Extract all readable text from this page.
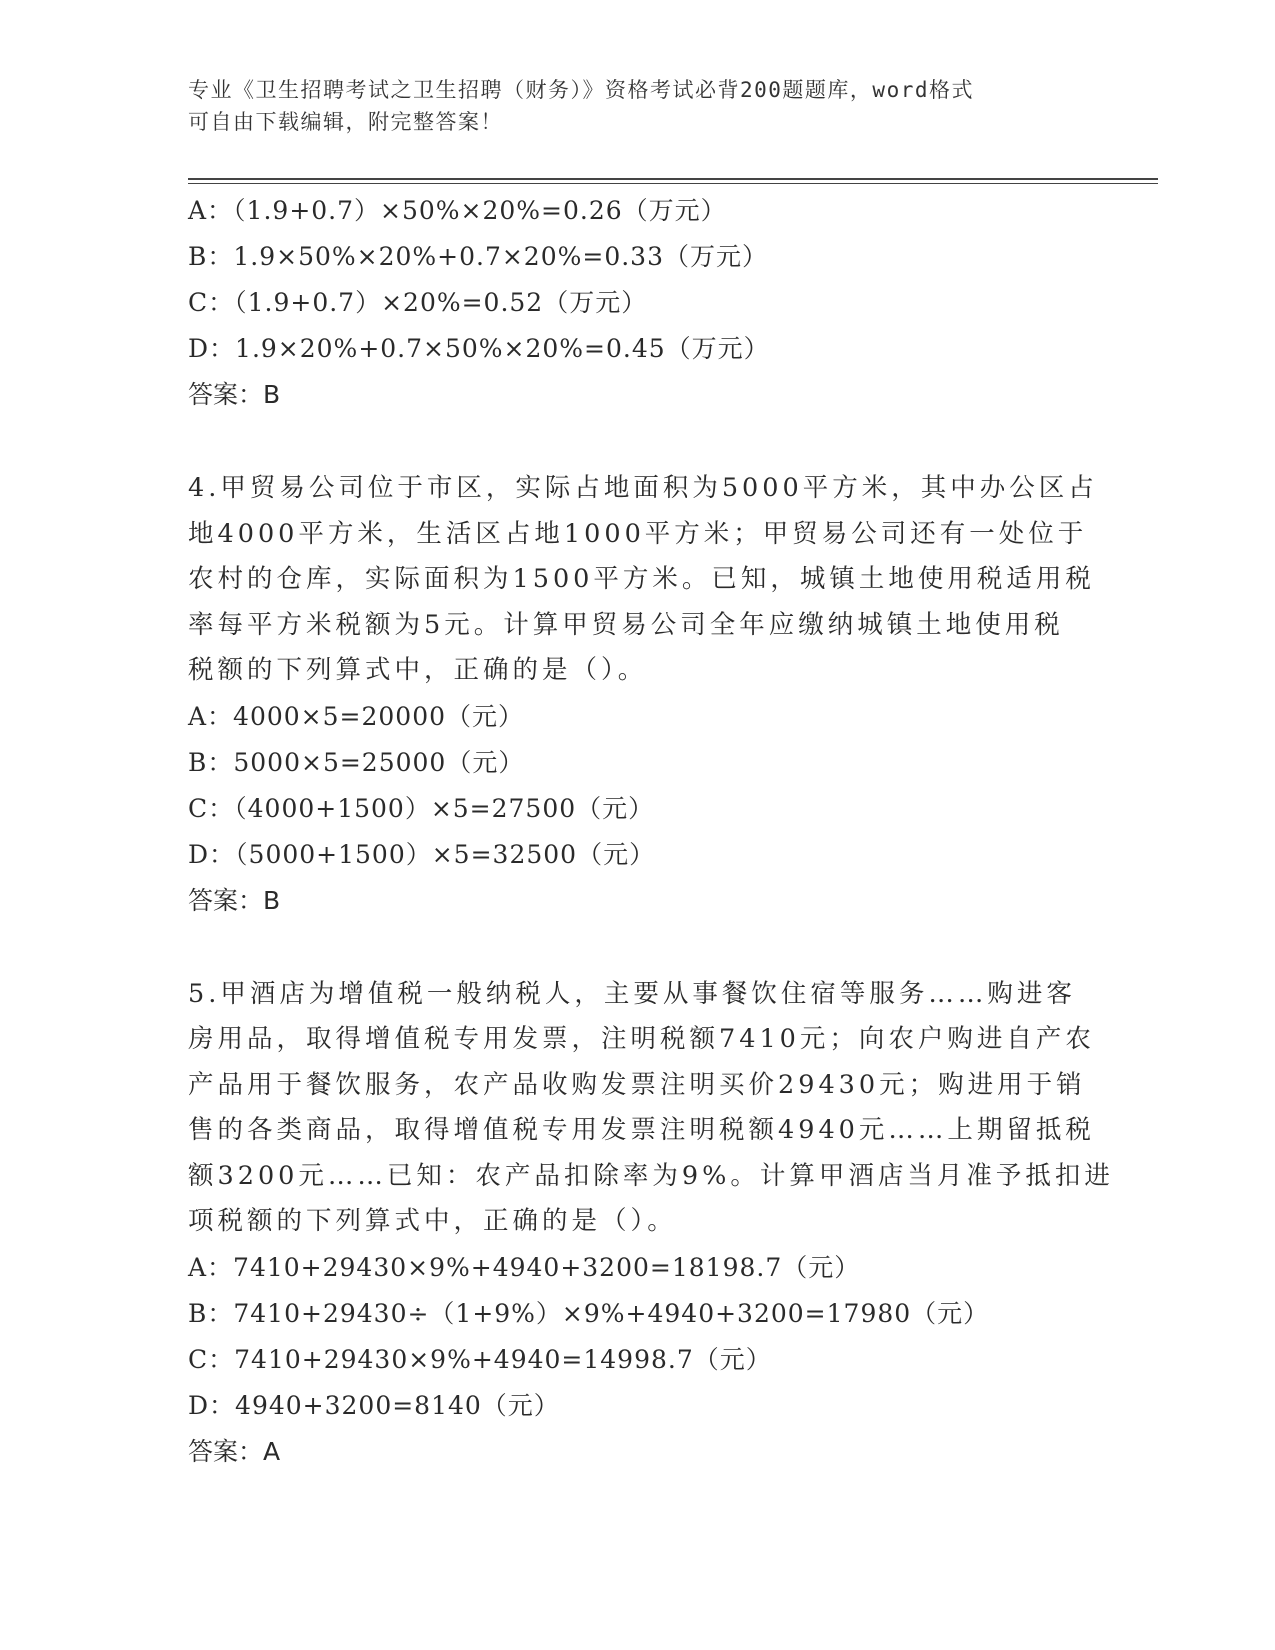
专业《卫生招聘考试之卫生招聘（财务）》资格考试必背200题题库，word格式
可自由下载编辑，附完整答案！
A：（1.9+0.7）×50%×20%=0.26（万元）
B：1.9×50%×20%+0.7×20%=0.33（万元）
C：（1.9+0.7）×20%=0.52（万元）
D：1.9×20%+0.7×50%×20%=0.45（万元）
答案：B
4.甲贸易公司位于市区，实际占地面积为5000平方米，其中办公区占
地4000平方米，生活区占地1000平方米；甲贸易公司还有一处位于
农村的仓库，实际面积为1500平方米。已知，城镇土地使用税适用税
率每平方米税额为5元。计算甲贸易公司全年应缴纳城镇土地使用税
税额的下列算式中，正确的是（）。
A：4000×5=20000（元）
B：5000×5=25000（元）
C：（4000+1500）×5=27500（元）
D：（5000+1500）×5=32500（元）
答案：B
5.甲酒店为增值税一般纳税人，主要从事餐饮住宿等服务……购进客
房用品，取得增值税专用发票，注明税额7410元；向农户购进自产农
产品用于餐饮服务，农产品收购发票注明买价29430元；购进用于销
售的各类商品，取得增值税专用发票注明税额4940元……上期留抵税
额3200元……已知：农产品扣除率为9%。计算甲酒店当月准予抵扣进
项税额的下列算式中，正确的是（）。
A：7410+29430×9%+4940+3200=18198.7（元）
B：7410+29430÷（1+9%）×9%+4940+3200=17980（元）
C：7410+29430×9%+4940=14998.7（元）
D：4940+3200=8140（元）
答案：A
